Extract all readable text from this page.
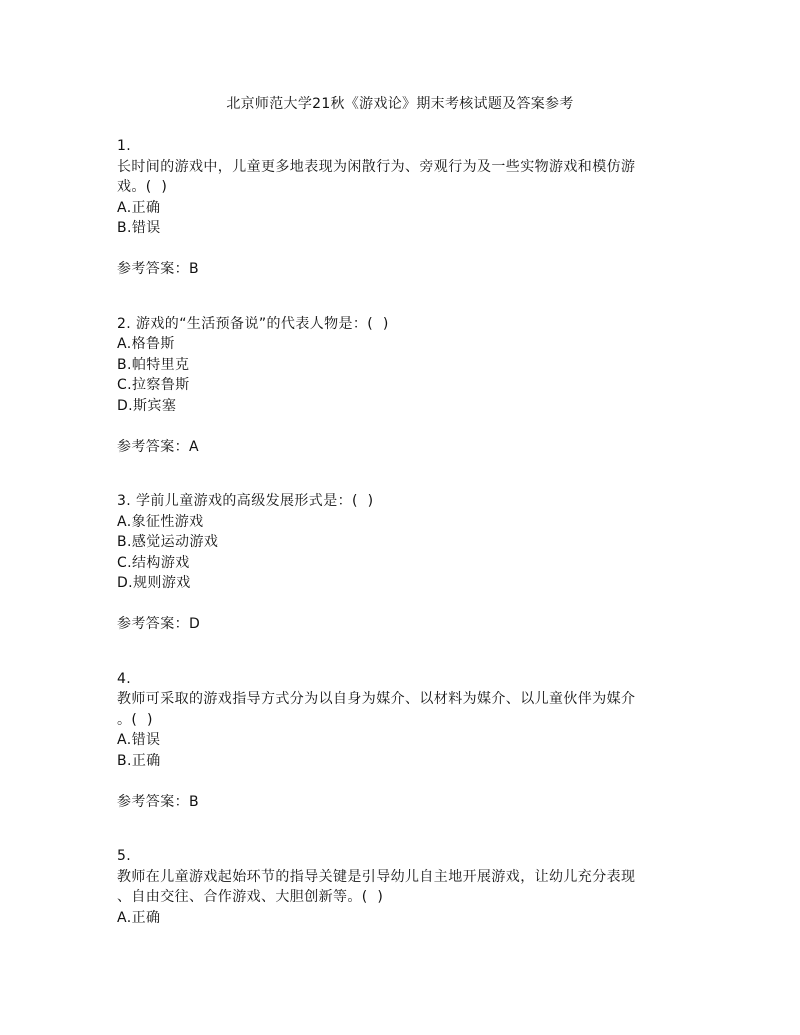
北京师范大学21秋《游戏论》期末考核试题及答案参考
1.
长时间的游戏中，儿童更多地表现为闲散行为、旁观行为及一些实物游戏和模仿游
戏。(  )
A.正确
B.错误
参考答案：B
2. 游戏的“生活预备说”的代表人物是：(  )
A.格鲁斯
B.帕特里克
C.拉察鲁斯
D.斯宾塞
参考答案：A
3. 学前儿童游戏的高级发展形式是：(  )
A.象征性游戏
B.感觉运动游戏
C.结构游戏
D.规则游戏
参考答案：D
4.
教师可采取的游戏指导方式分为以自身为媒介、以材料为媒介、以儿童伙伴为媒介
。(  )
A.错误
B.正确
参考答案：B
5.
教师在儿童游戏起始环节的指导关键是引导幼儿自主地开展游戏，让幼儿充分表现
、自由交往、合作游戏、大胆创新等。(  )
A.正确
